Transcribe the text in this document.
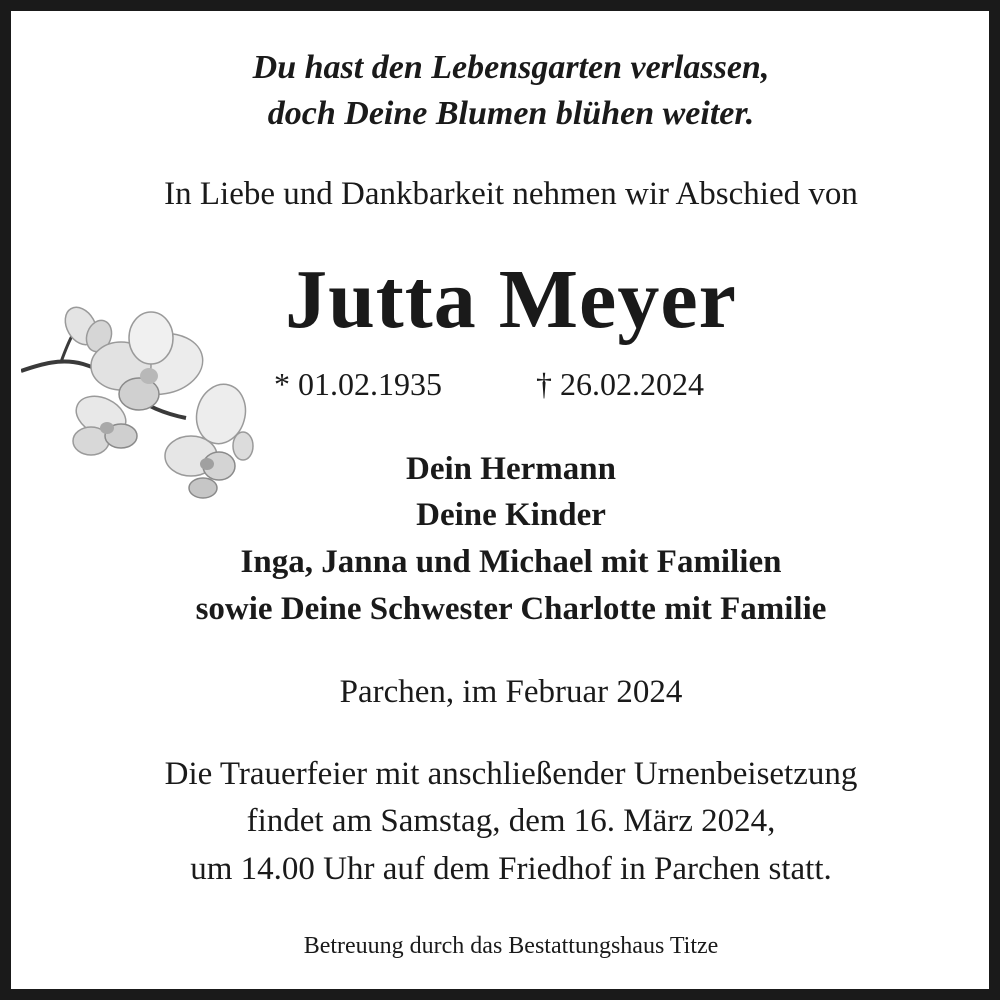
Du hast den Lebensgarten verlassen,

doch Deine Blumen blühen weiter.

In Liebe und Dankbarkeit nehmen wir Abschied von

Jutta Meyer

* 01.02.1935	† 26.02.2024

Dein Hermann

Deine Kinder

Inga, Janna und Michael mit Familien

sowie Deine Schwester Charlotte mit Familie

Parchen, im Februar 2024

Die Trauerfeier mit anschließender Urnenbeisetzung

findet am Samstag, dem 16. März 2024,

um 14.00 Uhr auf dem Friedhof in Parchen statt.

Betreuung durch das Bestattungshaus Titze
